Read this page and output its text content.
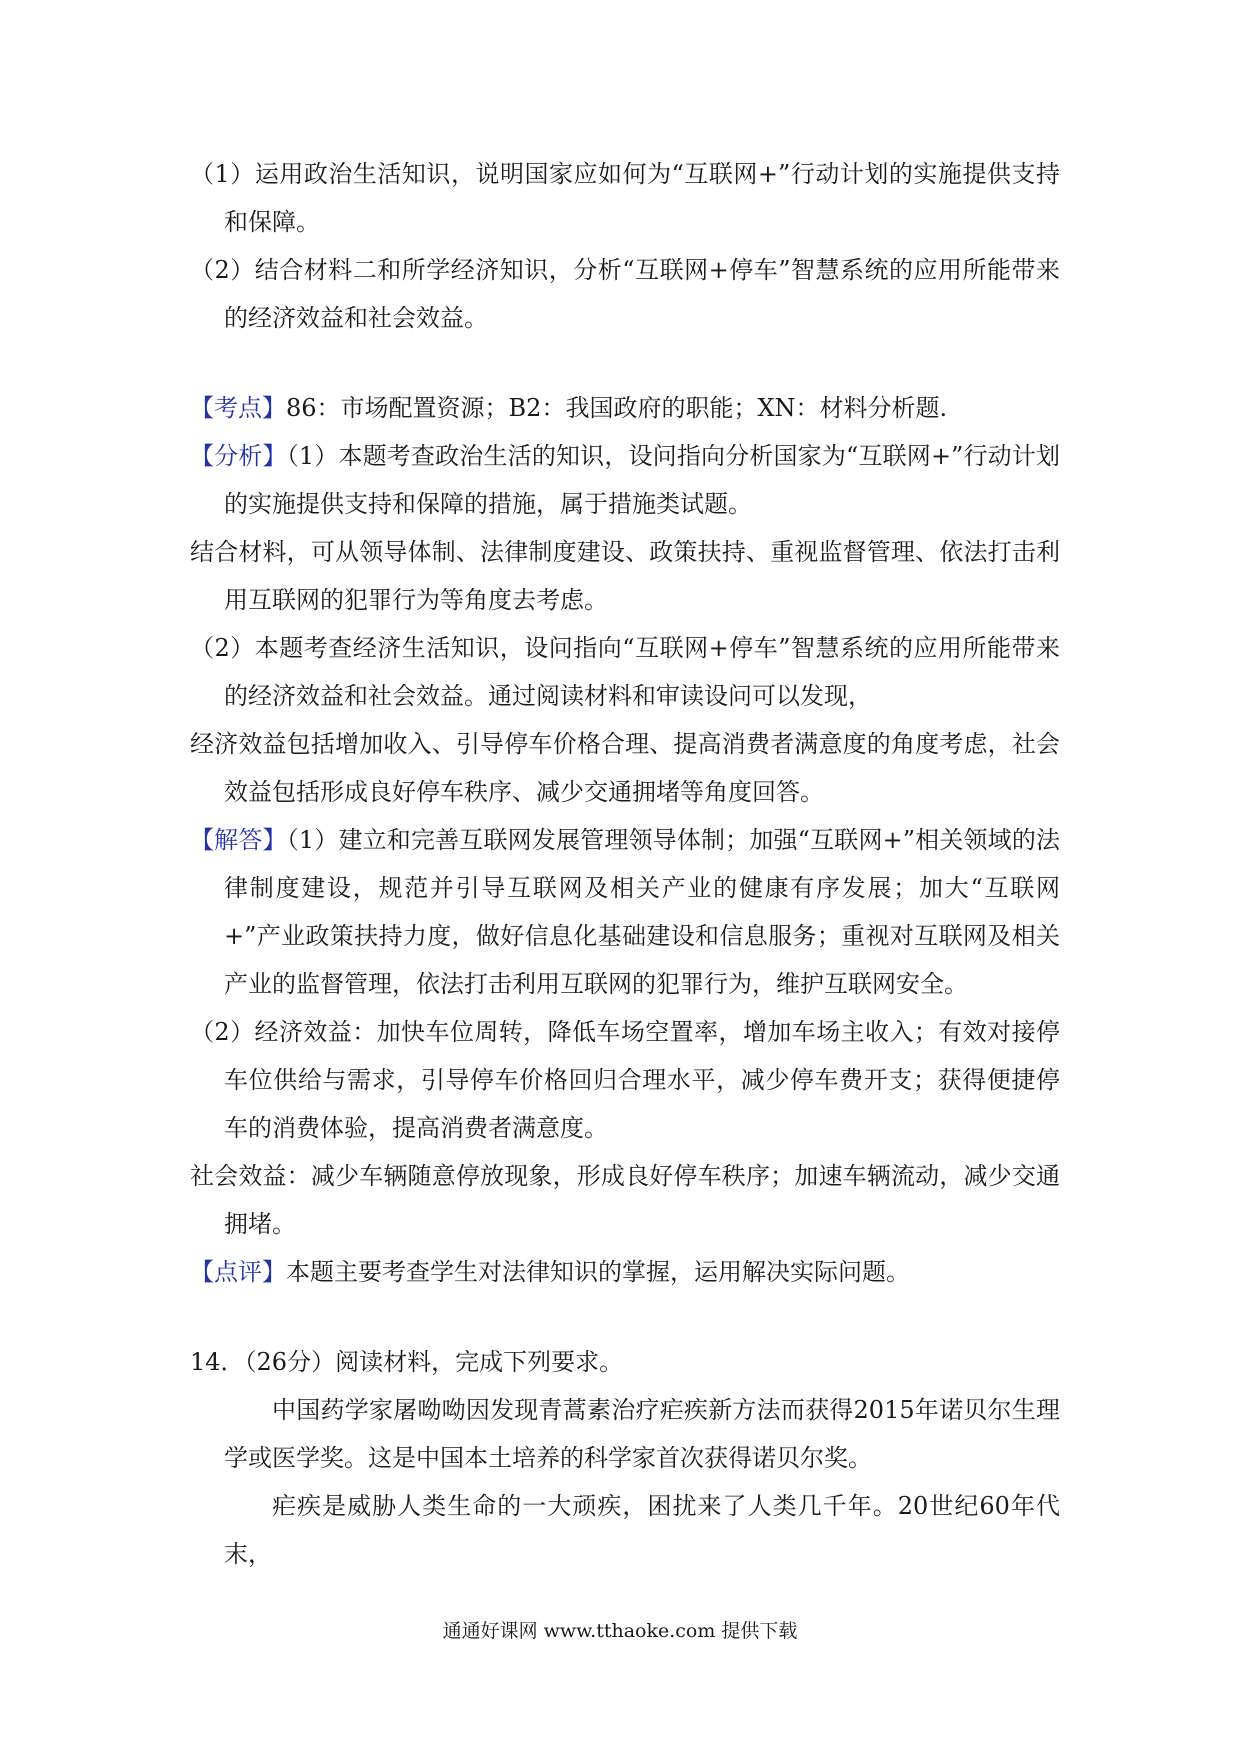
（1）运用政治生活知识，说明国家应如何为“互联网+”行动计划的实施提供支持和保障。

（2）结合材料二和所学经济知识，分析“互联网+停车”智慧系统的应用所能带来的经济效益和社会效益。

【考点】86：市场配置资源；B2：我国政府的职能；XN：材料分析题.

【分析】（1）本题考查政治生活的知识，设问指向分析国家为“互联网+”行动计划的实施提供支持和保障的措施，属于措施类试题。

结合材料，可从领导体制、法律制度建设、政策扶持、重视监督管理、依法打击利用互联网的犯罪行为等角度去考虑。

（2）本题考查经济生活知识，设问指向“互联网+停车”智慧系统的应用所能带来的经济效益和社会效益。通过阅读材料和审读设问可以发现，

经济效益包括增加收入、引导停车价格合理、提高消费者满意度的角度考虑，社会效益包括形成良好停车秩序、减少交通拥堵等角度回答。

【解答】（1）建立和完善互联网发展管理领导体制；加强“互联网+”相关领域的法律制度建设，规范并引导互联网及相关产业的健康有序发展；加大“互联网+”产业政策扶持力度，做好信息化基础建设和信息服务；重视对互联网及相关产业的监督管理，依法打击利用互联网的犯罪行为，维护互联网安全。

（2）经济效益：加快车位周转，降低车场空置率，增加车场主收入；有效对接停车位供给与需求，引导停车价格回归合理水平，减少停车费开支；获得便捷停车的消费体验，提高消费者满意度。

社会效益：减少车辆随意停放现象，形成良好停车秩序；加速车辆流动，减少交通拥堵。

【点评】本题主要考查学生对法律知识的掌握，运用解决实际问题。

14．（26分）阅读材料，完成下列要求。

中国药学家屠呦呦因发现青蒿素治疗疟疾新方法而获得2015年诺贝尔生理学或医学奖。这是中国本土培养的科学家首次获得诺贝尔奖。

疟疾是威胁人类生命的一大顽疾，困扰来了人类几千年。20世纪60年代末，

通通好课网 www.tthaoke.com 提供下载
